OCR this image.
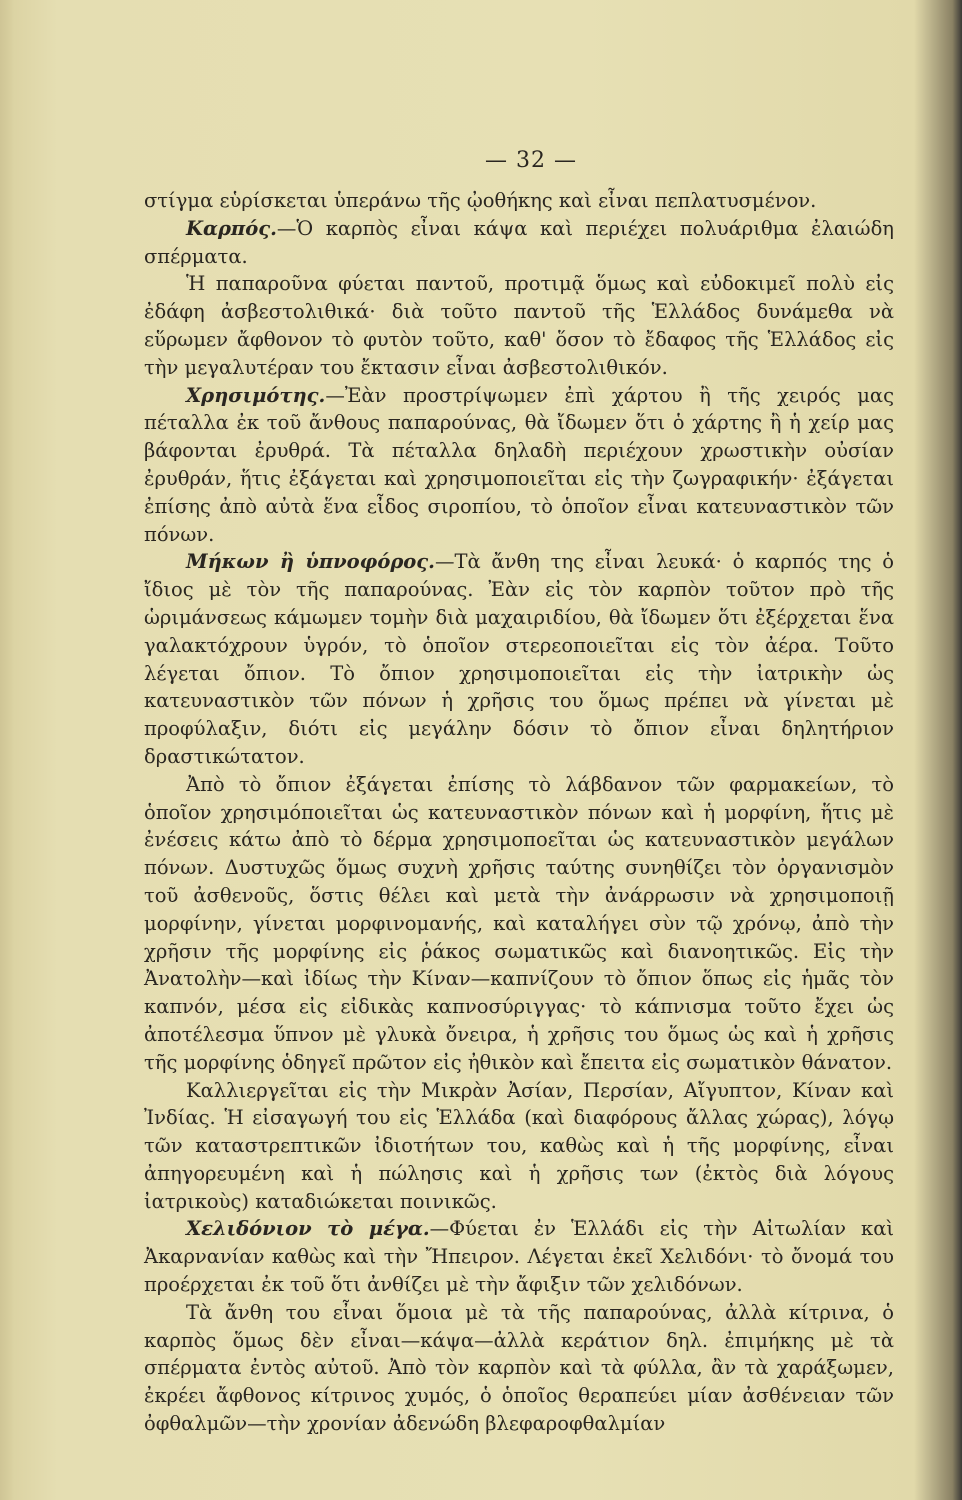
— 32 —

στίγμα εὑρίσκεται ὑπεράνω τῆς ᾠοθήκης καὶ εἶναι πεπλατυσμένον.

Καρπός.—Ὁ καρπὸς εἶναι κάψα καὶ περιέχει πολυάριθμα ἐλαιώδη σπέρματα.

Ἡ παπαροῦνα φύεται παντοῦ, προτιμᾷ ὅμως καὶ εὐδοκιμεῖ πολὺ εἰς ἐδάφη ἀσβεστολιθικά· διὰ τοῦτο παντοῦ τῆς Ἑλλάδος δυνάμεθα νὰ εὕρωμεν ἄφθονον τὸ φυτὸν τοῦτο, καθ' ὅσον τὸ ἔδαφος τῆς Ἑλλάδος εἰς τὴν μεγαλυτέραν του ἔκτασιν εἶναι ἀσβεστολιθικόν.

Χρησιμότης.—Ἐὰν προστρίψωμεν ἐπὶ χάρτου ἢ τῆς χειρός μας πέταλλα ἐκ τοῦ ἄνθους παπαρούνας, θὰ ἴδωμεν ὅτι ὁ χάρτης ἢ ἡ χείρ μας βάφονται ἐρυθρά. Τὰ πέταλλα δηλαδὴ περιέχουν χρωστικὴν οὐσίαν ἐρυθράν, ἥτις ἐξάγεται καὶ χρησιμοποιεῖται εἰς τὴν ζωγραφικήν· ἐξάγεται ἐπίσης ἀπὸ αὐτὰ ἕνα εἶδος σιροπίου, τὸ ὁποῖον εἶναι κατευναστικὸν τῶν πόνων.

Μήκων ἢ ὑπνοφόρος.—Τὰ ἄνθη της εἶναι λευκά· ὁ καρπός της ὁ ἴδιος μὲ τὸν τῆς παπαρούνας. Ἐὰν εἰς τὸν καρπὸν τοῦτον πρὸ τῆς ὡριμάνσεως κάμωμεν τομὴν διὰ μαχαιριδίου, θὰ ἴδωμεν ὅτι ἐξέρχεται ἕνα γαλακτόχρουν ὑγρόν, τὸ ὁποῖον στερεοποιεῖται εἰς τὸν ἀέρα. Τοῦτο λέγεται ὄπιον. Τὸ ὄπιον χρησιμοποιεῖται εἰς τὴν ἰατρικὴν ὡς κατευναστικὸν τῶν πόνων ἡ χρῆσις του ὅμως πρέπει νὰ γίνεται μὲ προφύλαξιν, διότι εἰς μεγάλην δόσιν τὸ ὄπιον εἶναι δηλητήριον δραστικώτατον.

Ἀπὸ τὸ ὄπιον ἐξάγεται ἐπίσης τὸ λάβδανον τῶν φαρμακείων, τὸ ὁποῖον χρησιμόποιεῖται ὡς κατευναστικὸν πόνων καὶ ἡ μορφίνη, ἥτις μὲ ἐνέσεις κάτω ἀπὸ τὸ δέρμα χρησιμοποεῖται ὡς κατευναστικὸν μεγάλων πόνων. Δυστυχῶς ὅμως συχνὴ χρῆσις ταύτης συνηθίζει τὸν ὀργανισμὸν τοῦ ἀσθενοῦς, ὅστις θέλει καὶ μετὰ τὴν ἀνάρρωσιν νὰ χρησιμοποιῇ μορφίνην, γίνεται μορφινομανής, καὶ καταλήγει σὺν τῷ χρόνῳ, ἀπὸ τὴν χρῆσιν τῆς μορφίνης εἰς ῥάκος σωματικῶς καὶ διανοητικῶς. Εἰς τὴν Ἀνατολὴν—καὶ ἰδίως τὴν Κίναν—καπνίζουν τὸ ὄπιον ὅπως εἰς ἡμᾶς τὸν καπνόν, μέσα εἰς εἰδικὰς καπνοσύριγγας· τὸ κάπνισμα τοῦτο ἔχει ὡς ἀποτέλεσμα ὕπνον μὲ γλυκὰ ὄνειρα, ἡ χρῆσις του ὅμως ὡς καὶ ἡ χρῆσις τῆς μορφίνης ὁδηγεῖ πρῶτον εἰς ἠθικὸν καὶ ἔπειτα εἰς σωματικὸν θάνατον.

Καλλιεργεῖται εἰς τὴν Μικρὰν Ἀσίαν, Περσίαν, Αἴγυπτον, Κίναν καὶ Ἰνδίας. Ἡ εἰσαγωγή του εἰς Ἑλλάδα (καὶ διαφόρους ἄλλας χώρας), λόγῳ τῶν καταστρεπτικῶν ἰδιοτήτων του, καθὼς καὶ ἡ τῆς μορφίνης, εἶναι ἀπηγορευμένη καὶ ἡ πώλησις καὶ ἡ χρῆσις των (ἐκτὸς διὰ λόγους ἰατρικοὺς) καταδιώκεται ποινικῶς.

Χελιδόνιον τὸ μέγα.—Φύεται ἐν Ἑλλάδι εἰς τὴν Αἰτωλίαν καὶ Ἀκαρνανίαν καθὼς καὶ τὴν Ἤπειρον. Λέγεται ἐκεῖ Χελιδόνι· τὸ ὄνομά του προέρχεται ἐκ τοῦ ὅτι ἀνθίζει μὲ τὴν ἄφιξιν τῶν χελιδόνων.

Τὰ ἄνθη του εἶναι ὅμοια μὲ τὰ τῆς παπαρούνας, ἀλλὰ κίτρινα, ὁ καρπὸς ὅμως δὲν εἶναι—κάψα—ἀλλὰ κεράτιον δηλ. ἐπιμήκης μὲ τὰ σπέρματα ἐντὸς αὐτοῦ. Ἀπὸ τὸν καρπὸν καὶ τὰ φύλλα, ἂν τὰ χαράξωμεν, ἐκρέει ἄφθονος κίτρινος χυμός, ὁ ὁποῖος θεραπεύει μίαν ἀσθένειαν τῶν ὀφθαλμῶν—τὴν χρονίαν ἀδενώδη βλεφαροφθαλμίαν
